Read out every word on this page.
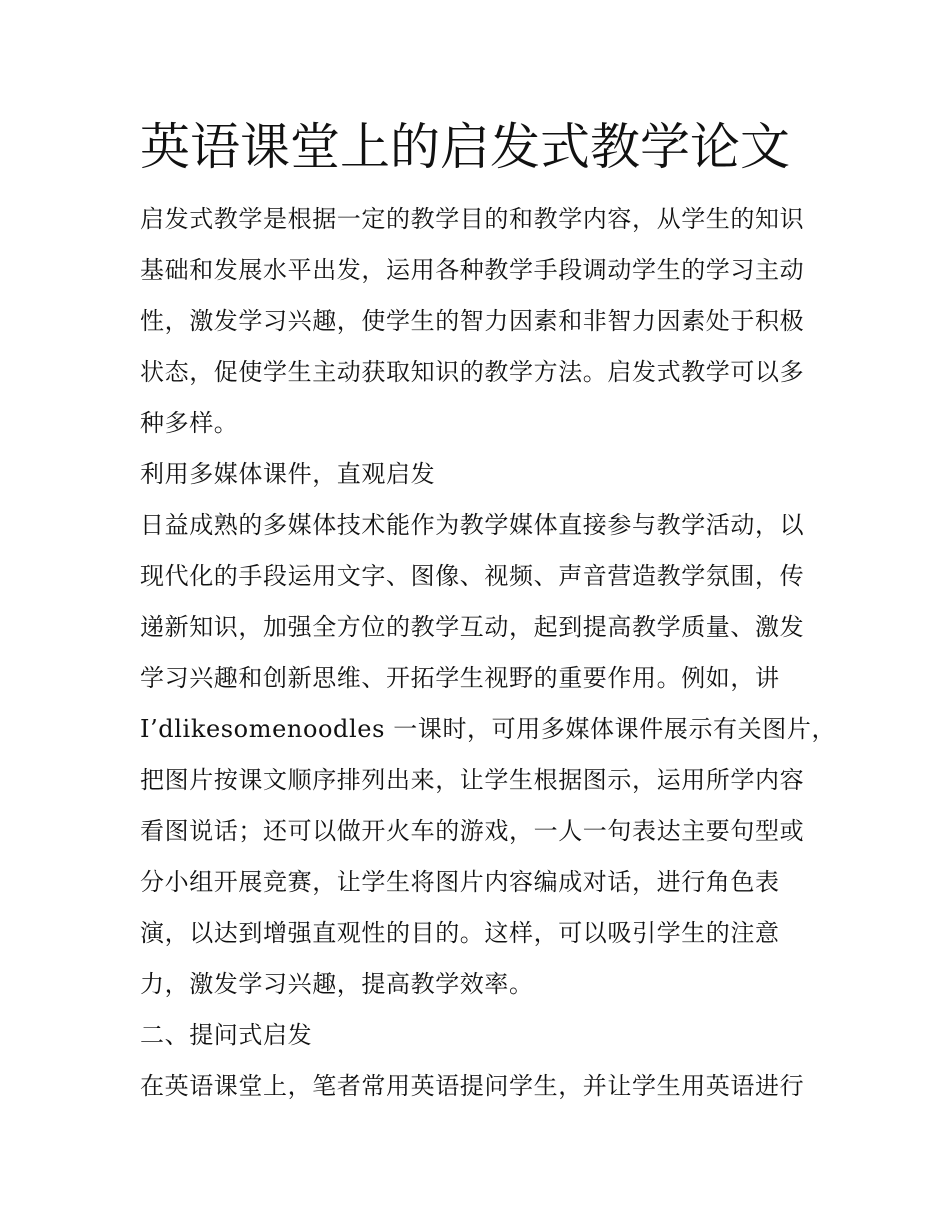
英语课堂上的启发式教学论文

启发式教学是根据一定的教学目的和教学内容，从学生的知识

基础和发展水平出发，运用各种教学手段调动学生的学习主动

性，激发学习兴趣，使学生的智力因素和非智力因素处于积极

状态，促使学生主动获取知识的教学方法。启发式教学可以多

种多样。

利用多媒体课件，直观启发

日益成熟的多媒体技术能作为教学媒体直接参与教学活动，以

现代化的手段运用文字、图像、视频、声音营造教学氛围，传

递新知识，加强全方位的教学互动，起到提高教学质量、激发

学习兴趣和创新思维、开拓学生视野的重要作用。例如，讲

I’dlikesomenoodles 一课时，可用多媒体课件展示有关图片，

把图片按课文顺序排列出来，让学生根据图示，运用所学内容

看图说话；还可以做开火车的游戏，一人一句表达主要句型或

分小组开展竞赛，让学生将图片内容编成对话，进行角色表

演，以达到增强直观性的目的。这样，可以吸引学生的注意

力，激发学习兴趣，提高教学效率。

二、提问式启发

在英语课堂上，笔者常用英语提问学生，并让学生用英语进行
